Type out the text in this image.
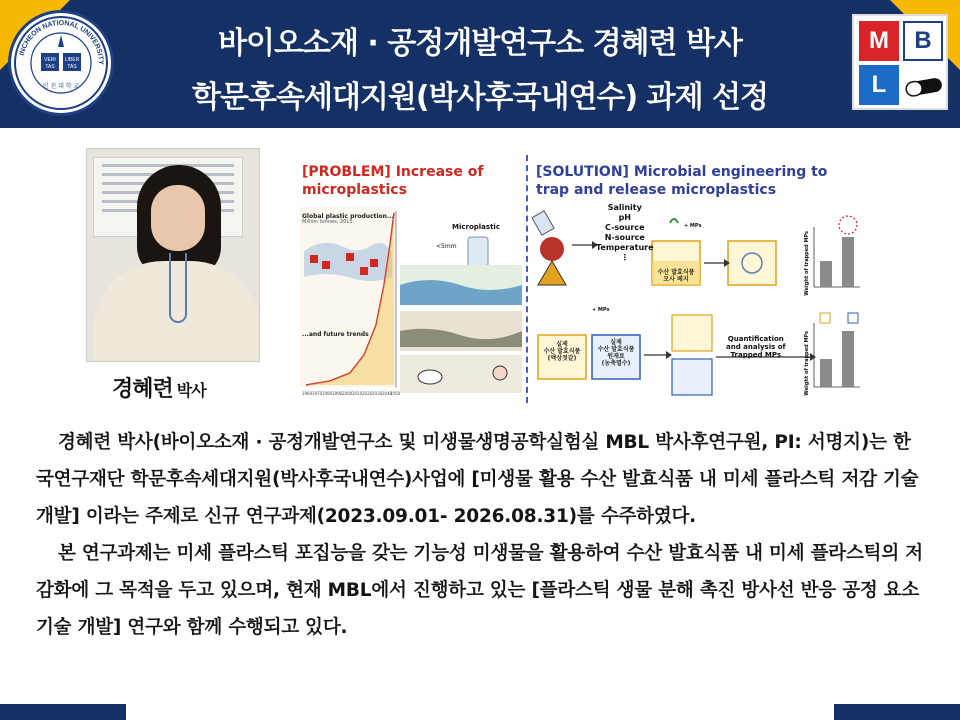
INCHEON NATIONAL UNIVERSITY
VERI LIBER
TAS	TAS
인 천 대 학 교
바이오소재 · 공정개발연구소 경혜련 박사
학문후속세대지원(박사후국내연수) 과제 선정
M	B
L
경혜련 박사
[PROBLEM] Increase of microplastics
[SOLUTION] Microbial engineering to trap and release microplastics
Global plastic production...
Million tonnes, 2015
...and future trends
Microplastic
<5mm
Salinity
pH
C-source
N-source
Temperature
⋮
+ MPs
+ MPs
수산 발효식품
모사 배지
실제
수산 발효식품
(액상젓갈)
실제
수산 발효식품
원재료
(농축멸수)
Quantification
and analysis of
Trapped MPs
Weight of trapped MPs
Weight of trapped MPs
1960 1970 1980 1990 2000 2010 2020 2030 2040
2050

경혜련 박사(바이오소재 · 공정개발연구소 및 미생물생명공학실험실 MBL 박사후연구원, PI: 서명지)는 한국연구재단 학문후속세대지원(박사후국내연수)사업에 [미생물 활용 수산 발효식품 내 미세 플라스틱 저감 기술 개발] 이라는 주제로 신규 연구과제(2023.09.01- 2026.08.31)를 수주하였다.

본 연구과제는 미세 플라스틱 포집능을 갖는 기능성 미생물을 활용하여 수산 발효식품 내 미세 플라스틱의 저감화에 그 목적을 두고 있으며, 현재 MBL에서 진행하고 있는 [플라스틱 생물 분해 촉진 방사선 반응 공정 요소기술 개발] 연구와 함께 수행되고 있다.
